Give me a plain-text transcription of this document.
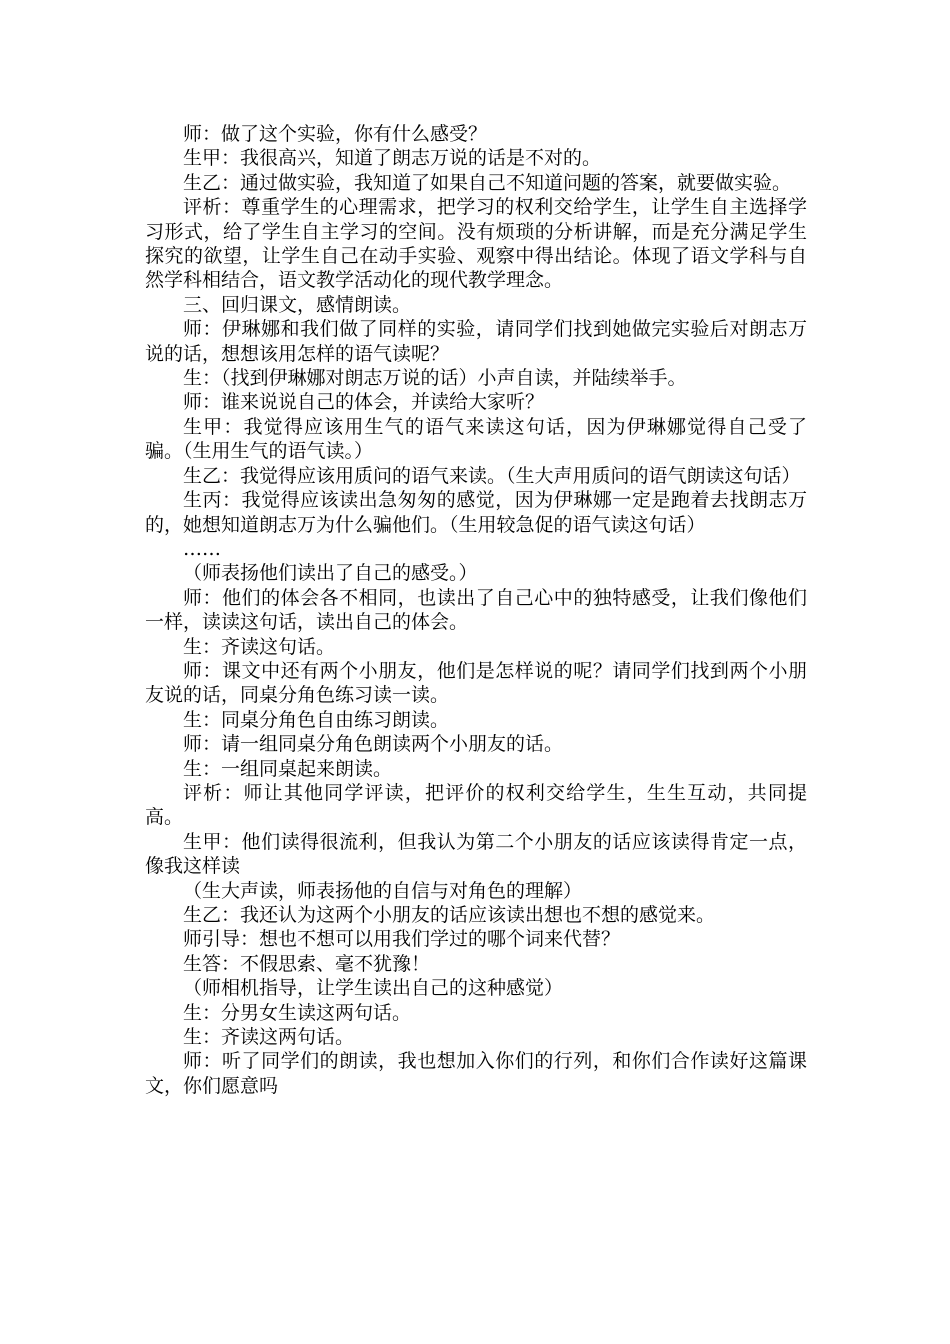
师：做了这个实验，你有什么感受？

生甲：我很高兴，知道了朗志万说的话是不对的。

生乙：通过做实验，我知道了如果自己不知道问题的答案，就要做实验。

评析：尊重学生的心理需求，把学习的权利交给学生，让学生自主选择学习形式，给了学生自主学习的空间。没有烦琐的分析讲解，而是充分满足学生探究的欲望，让学生自己在动手实验、观察中得出结论。体现了语文学科与自然学科相结合，语文教学活动化的现代教学理念。

三、回归课文，感情朗读。

师：伊琳娜和我们做了同样的实验，请同学们找到她做完实验后对朗志万说的话，想想该用怎样的语气读呢？

生：（找到伊琳娜对朗志万说的话）小声自读，并陆续举手。

师：谁来说说自己的体会，并读给大家听？

生甲：我觉得应该用生气的语气来读这句话，因为伊琳娜觉得自己受了骗。（生用生气的语气读。）

生乙：我觉得应该用质问的语气来读。（生大声用质问的语气朗读这句话）

生丙：我觉得应该读出急匆匆的感觉，因为伊琳娜一定是跑着去找朗志万的，她想知道朗志万为什么骗他们。（生用较急促的语气读这句话）

……

（师表扬他们读出了自己的感受。）

师：他们的体会各不相同，也读出了自己心中的独特感受，让我们像他们一样，读读这句话，读出自己的体会。

生：齐读这句话。

师：课文中还有两个小朋友，他们是怎样说的呢？请同学们找到两个小朋友说的话，同桌分角色练习读一读。

生：同桌分角色自由练习朗读。

师：请一组同桌分角色朗读两个小朋友的话。

生：一组同桌起来朗读。

评析：师让其他同学评读，把评价的权利交给学生，生生互动，共同提高。

生甲：他们读得很流利，但我认为第二个小朋友的话应该读得肯定一点，像我这样读

（生大声读，师表扬他的自信与对角色的理解）

生乙：我还认为这两个小朋友的话应该读出想也不想的感觉来。

师引导：想也不想可以用我们学过的哪个词来代替？

生答：不假思索、毫不犹豫！

（师相机指导，让学生读出自己的这种感觉）

生：分男女生读这两句话。

生：齐读这两句话。

师：听了同学们的朗读，我也想加入你们的行列，和你们合作读好这篇课文，你们愿意吗
